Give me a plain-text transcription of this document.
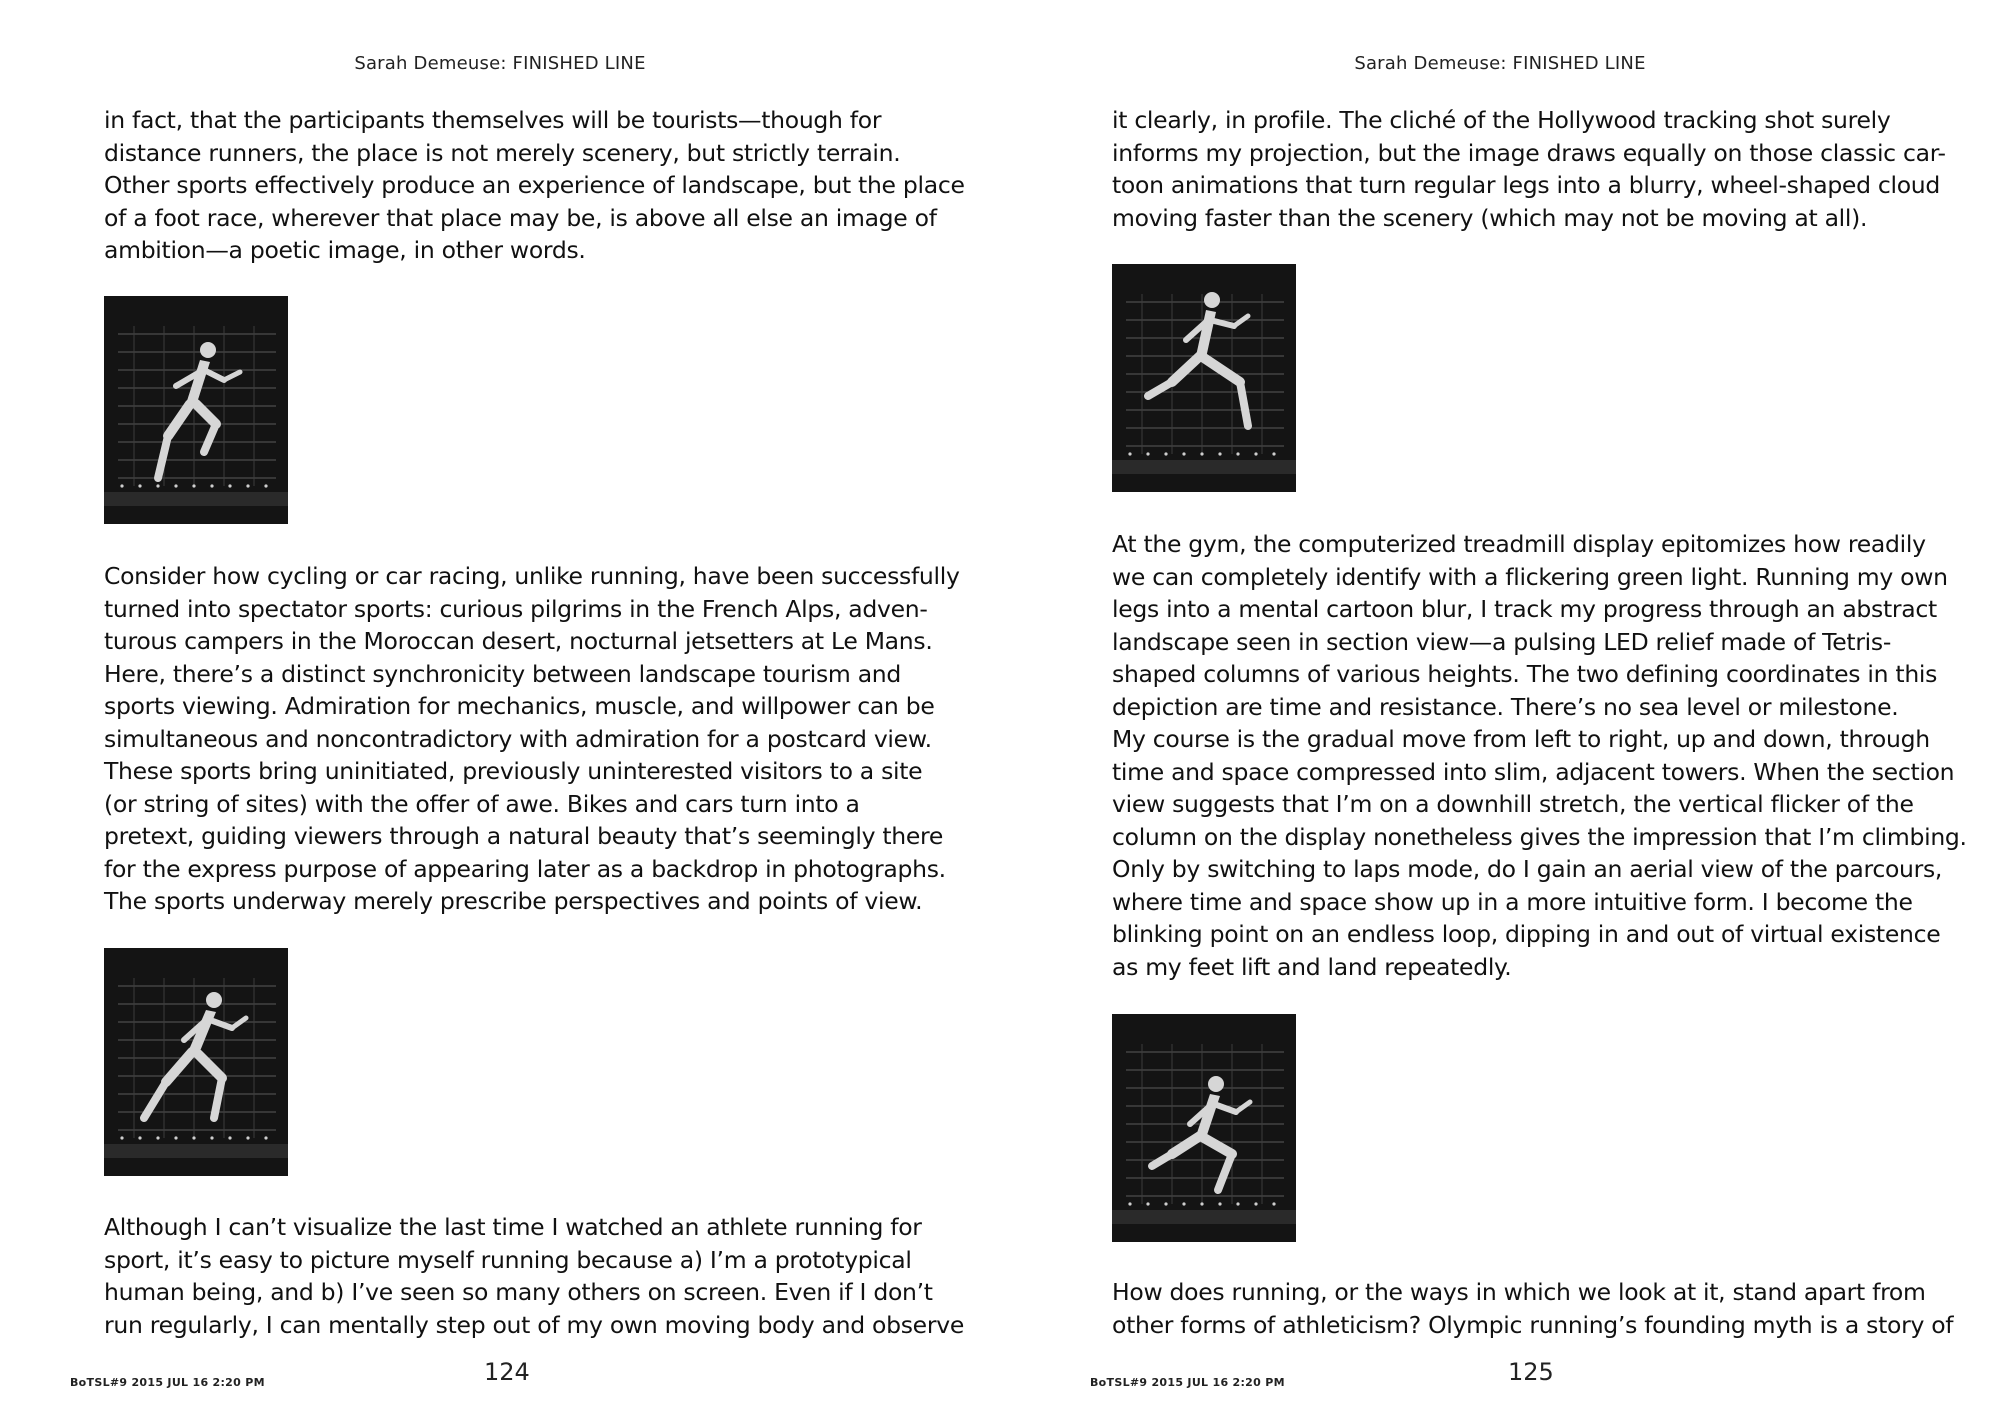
Sarah Demeuse: FINISHED LINE
in fact, that the participants themselves will be tourists—though for
distance runners, the place is not merely scenery, but strictly terrain.
Other sports effectively produce an experience of landscape, but the place
of a foot race, wherever that place may be, is above all else an image of
ambition—a poetic image, in other words.
Consider how cycling or car racing, unlike running, have been successfully
turned into spectator sports: curious pilgrims in the French Alps, adven-
turous campers in the Moroccan desert, nocturnal jetsetters at Le Mans.
Here, there’s a distinct synchronicity between landscape tourism and
sports viewing. Admiration for mechanics, muscle, and willpower can be
simultaneous and noncontradictory with admiration for a postcard view.
These sports bring uninitiated, previously uninterested visitors to a site
(or string of sites) with the offer of awe. Bikes and cars turn into a
pretext, guiding viewers through a natural beauty that’s seemingly there
for the express purpose of appearing later as a backdrop in photographs.
The sports underway merely prescribe perspectives and points of view.
Although I can’t visualize the last time I watched an athlete running for
sport, it’s easy to picture myself running because a) I’m a prototypical
human being, and b) I’ve seen so many others on screen. Even if I don’t
run regularly, I can mentally step out of my own moving body and observe
124
BoTSL#9 2015 JUL 16 2:20 PM
Sarah Demeuse: FINISHED LINE
it clearly, in profile. The cliché of the Hollywood tracking shot surely
informs my projection, but the image draws equally on those classic car-
toon animations that turn regular legs into a blurry, wheel-shaped cloud
moving faster than the scenery (which may not be moving at all).
At the gym, the computerized treadmill display epitomizes how readily
we can completely identify with a flickering green light. Running my own
legs into a mental cartoon blur, I track my progress through an abstract
landscape seen in section view—a pulsing LED relief made of Tetris-
shaped columns of various heights. The two defining coordinates in this
depiction are time and resistance. There’s no sea level or milestone.
My course is the gradual move from left to right, up and down, through
time and space compressed into slim, adjacent towers. When the section
view suggests that I’m on a downhill stretch, the vertical flicker of the
column on the display nonetheless gives the impression that I’m climbing.
Only by switching to laps mode, do I gain an aerial view of the parcours,
where time and space show up in a more intuitive form. I become the
blinking point on an endless loop, dipping in and out of virtual existence
as my feet lift and land repeatedly.
How does running, or the ways in which we look at it, stand apart from
other forms of athleticism? Olympic running’s founding myth is a story of
125
BoTSL#9 2015 JUL 16 2:20 PM
